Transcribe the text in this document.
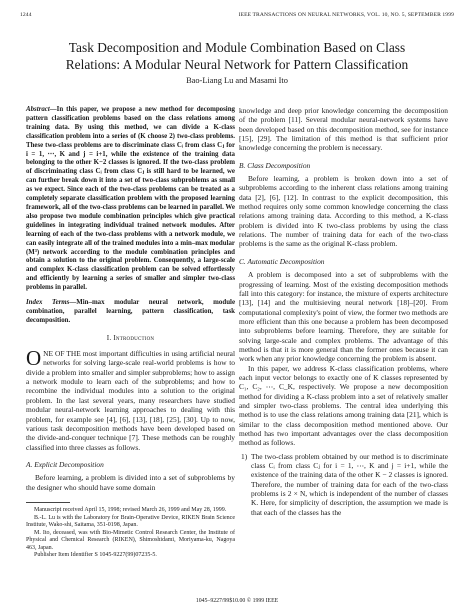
1244	IEEE TRANSACTIONS ON NEURAL NETWORKS, VOL. 10, NO. 5, SEPTEMBER 1999
Task Decomposition and Module Combination Based on Class Relations: A Modular Neural Network for Pattern Classification
Bao-Liang Lu and Masami Ito
Abstract—In this paper, we propose a new method for decomposing pattern classification problems based on the class relations among training data. By using this method, we can divide a K-class classification problem into a series of (K choose 2) two-class problems. These two-class problems are to discriminate class Cᵢ from class Cⱼ for i = 1, ⋯, K and j = i+1, while the existence of the training data belonging to the other K−2 classes is ignored. If the two-class problem of discriminating class Cᵢ from class Cⱼ is still hard to be learned, we can further break down it into a set of two-class subproblems as small as we expect. Since each of the two-class problems can be treated as a completely separate classification problem with the proposed learning framework, all of the two-class problems can be learned in parallel. We also propose two module combination principles which give practical guidelines in integrating individual trained network modules. After learning of each of the two-class problems with a network module, we can easily integrate all of the trained modules into a min–max modular (M³) network according to the module combination principles and obtain a solution to the original problem. Consequently, a large-scale and complex K-class classification problem can be solved effortlessly and efficiently by learning a series of smaller and simpler two-class problems in parallel.
Index Terms—Min–max modular neural network, module combination, parallel learning, pattern classification, task decomposition.
I. Introduction

ONE OF THE most important difficulties in using artificial neural networks for solving large-scale real-world problems is how to divide a problem into smaller and simpler subproblems; how to assign a network module to learn each of the subproblems; and how to recombine the individual modules into a solution to the original problem. In the last several years, many researchers have studied modular neural-network learning approaches to dealing with this problem, for example see [4], [6], [13], [18], [25], [30]. Up to now, various task decomposition methods have been developed based on the divide-and-conquer technique [7]. These methods can be roughly classified into three classes as follows.

A. Explicit Decomposition

Before learning, a problem is divided into a set of subproblems by the designer who should have some domain

Manuscript received April 15, 1998; revised March 26, 1999 and May 28, 1999.

B.-L. Lu is with the Laboratory for Brain-Operative Device, RIKEN Brain Science Institute, Wako-shi, Saitama, 351-0198, Japan.

M. Ito, deceased, was with Bio-Mimetic Control Research Center, the Institute of Physical and Chemical Research (RIKEN), Shimoshidami, Moriyama-ku, Nagoya 463, Japan.

Publisher Item Identifier S 1045-9227(99)07235-5.

knowledge and deep prior knowledge concerning the decomposition of the problem [11]. Several modular neural-network systems have been developed based on this decomposition method, see for instance [15], [29]. The limitation of this method is that sufficient prior knowledge concerning the problem is necessary.

B. Class Decomposition

Before learning, a problem is broken down into a set of subproblems according to the inherent class relations among training data [2], [6], [12]. In contrast to the explicit decomposition, this method requires only some common knowledge concerning the class relations among training data. According to this method, a K-class problem is divided into K two-class problems by using the class relations. The number of training data for each of the two-class problems is the same as the original K-class problem.

C. Automatic Decomposition

A problem is decomposed into a set of subproblems with the progressing of learning. Most of the existing decomposition methods fall into this category: for instance, the mixture of experts architecture [13], [14] and the multisieving neural network [18]–[20]. From computational complexity's point of view, the former two methods are more efficient than this one because a problem has been decomposed into subproblems before learning. Therefore, they are suitable for solving large-scale and complex problems. The advantage of this method is that it is more general than the former ones because it can work when any prior knowledge concerning the problem is absent.

In this paper, we address K-class classification problems, where each input vector belongs to exactly one of K classes represented by C₁, C₂, ⋯, C_K, respectively. We propose a new decomposition method for dividing a K-class problem into a set of relatively smaller and simpler two-class problems. The central idea underlying this method is to use the class relations among training data [21], which is similar to the class decomposition method mentioned above. Our method has two important advantages over the class decomposition method as follows.

1) The two-class problem obtained by our method is to discriminate class Cᵢ from class Cⱼ for i = 1, ⋯, K and j = i+1, while the existence of the training data of the other K − 2 classes is ignored. Therefore, the number of training data for each of the two-class problems is 2 × N, which is independent of the number of classes K. Here, for simplicity of description, the assumption we made is that each of the classes has the
1045–9227/99$10.00 © 1999 IEEE
